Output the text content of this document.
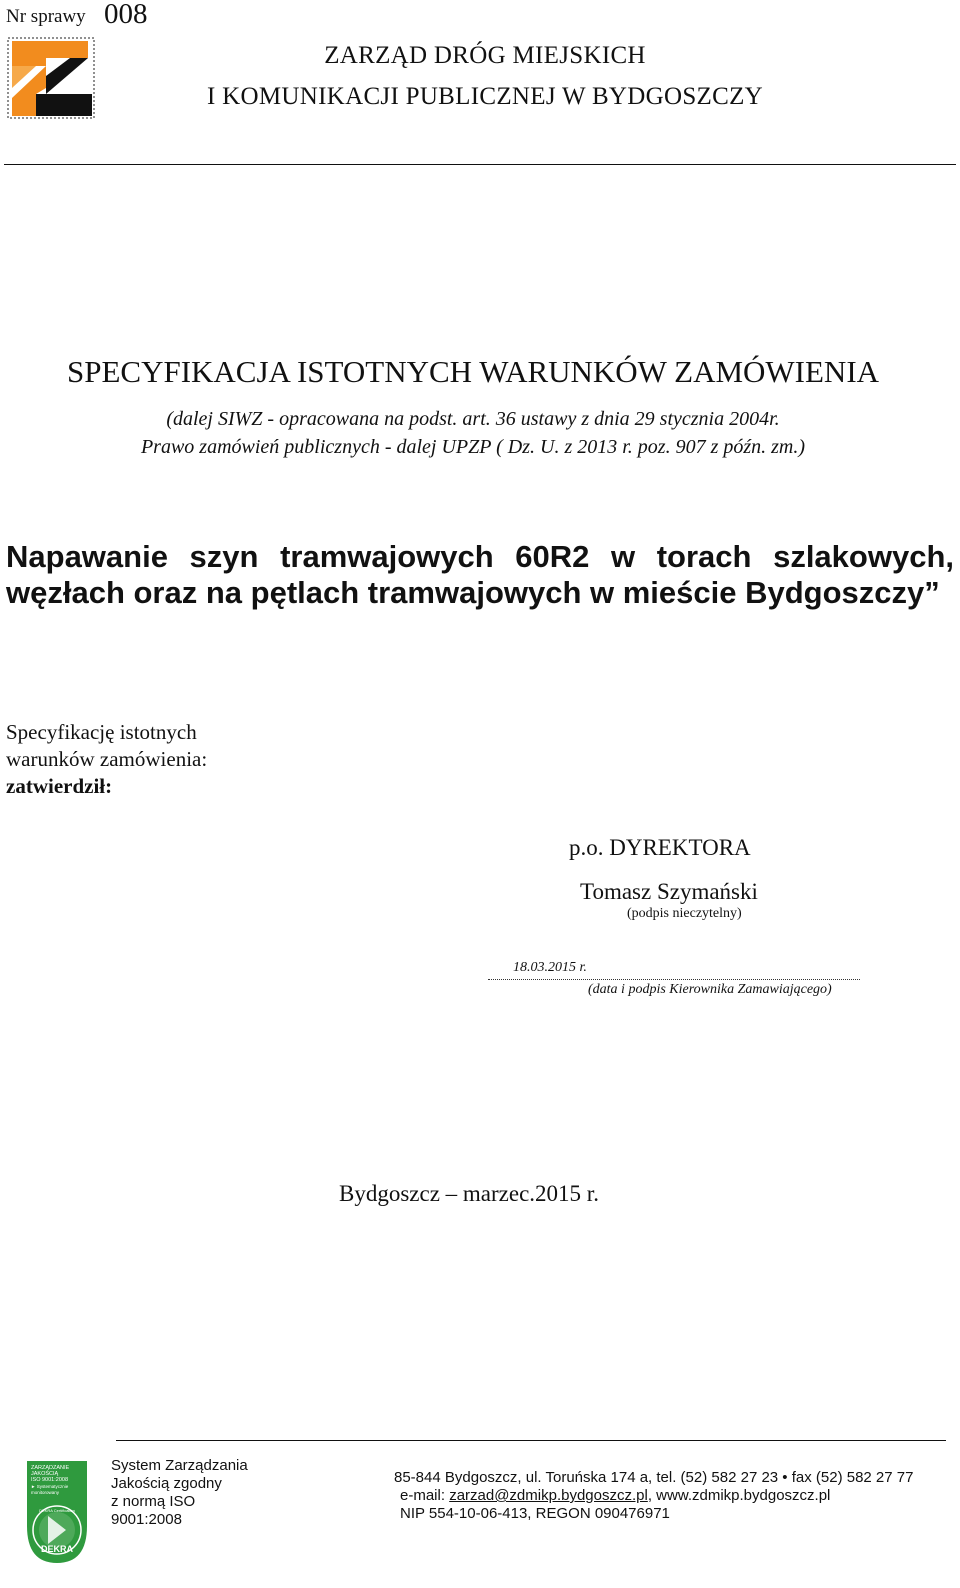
Nr sprawy 008
ZARZĄD DRÓG MIEJSKICH
I KOMUNIKACJI PUBLICZNEJ W BYDGOSZCZY
SPECYFIKACJA ISTOTNYCH WARUNKÓW ZAMÓWIENIA
(dalej SIWZ - opracowana na podst. art. 36 ustawy z dnia 29 stycznia 2004r.
Prawo zamówień publicznych - dalej UPZP ( Dz. U. z 2013 r. poz. 907 z późn. zm.)
Napawanie szyn tramwajowych 60R2 w torach szlakowych,
węzłach oraz na pętlach tramwajowych w mieście Bydgoszczy”
Specyfikację istotnych
warunków zamówienia:
zatwierdził:
p.o. DYREKTORA
Tomasz Szymański
(podpis nieczytelny)
18.03.2015 r.
(data i podpis Kierownika Zamawiającego)
Bydgoszcz – marzec.2015 r.
ZARZĄDZANIE
JAKOŚCIĄ
ISO 9001:2008
► Systematycznie
monitorowany
DEKRA Certification
DEKRA
System Zarządzania
Jakością zgodny
z normą ISO
9001:2008
85-844 Bydgoszcz, ul. Toruńska 174 a, tel. (52) 582 27 23 • fax (52) 582 27 77
e-mail: zarzad@zdmikp.bydgoszcz.pl, www.zdmikp.bydgoszcz.pl
NIP 554-10-06-413, REGON 090476971
